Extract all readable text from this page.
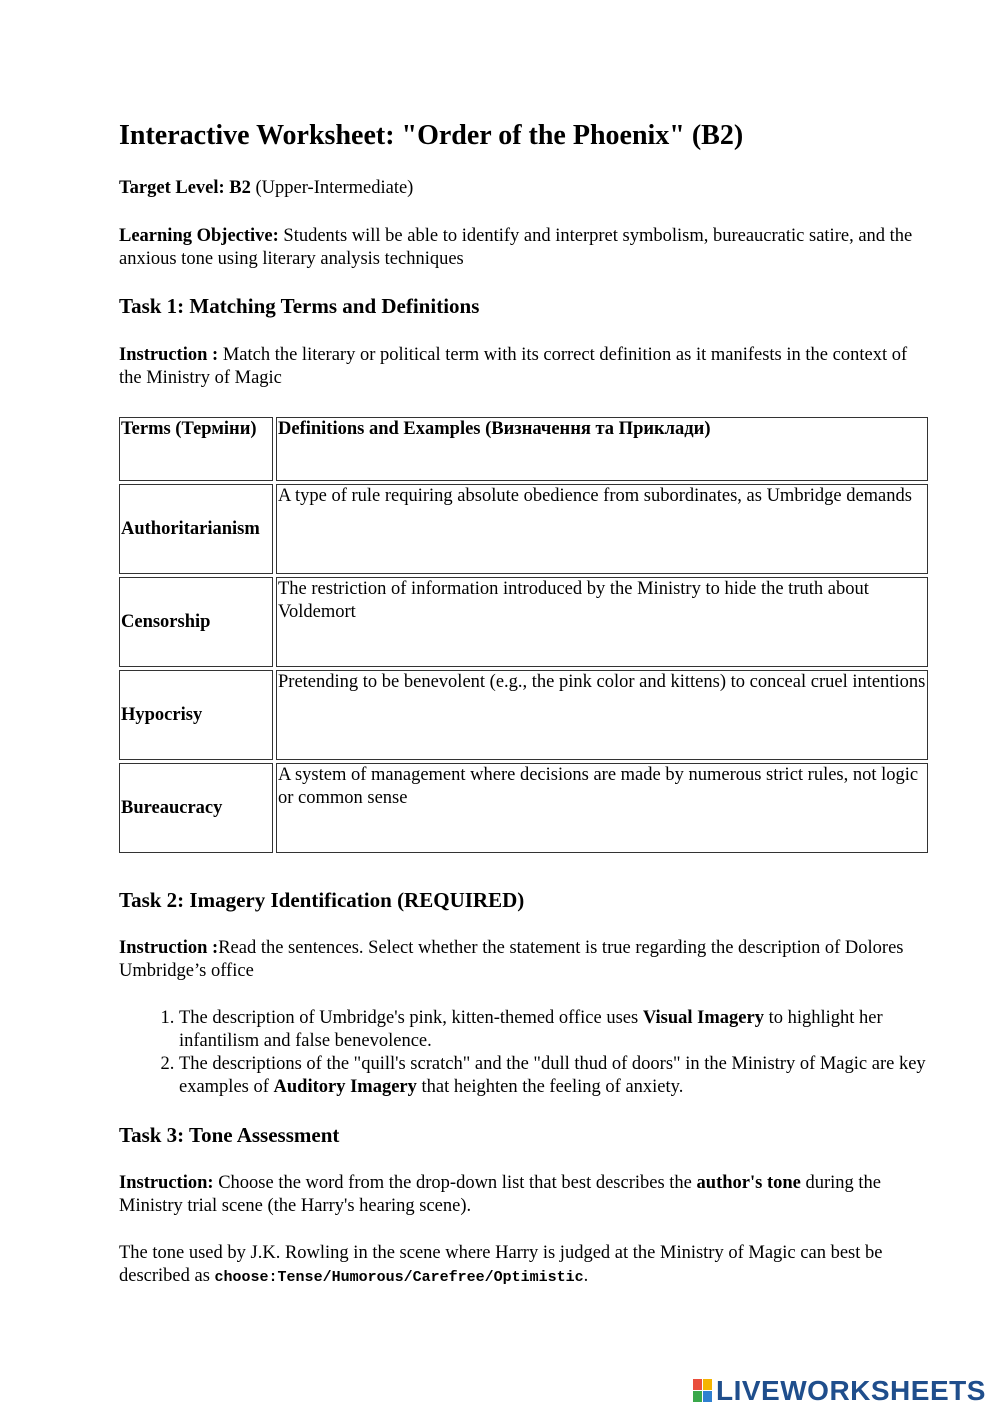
Interactive Worksheet: "Order of the Phoenix" (B2)

Target Level: B2 (Upper-Intermediate)

Learning Objective: Students will be able to identify and interpret symbolism, bureaucratic satire, and the anxious tone using literary analysis techniques

Task 1: Matching Terms and Definitions

Instruction : Match the literary or political term with its correct definition as it manifests in the context of the Ministry of Magic

Terms (Терміни)	Definitions and Examples (Визначення та Приклади)
Authoritarianism	A type of rule requiring absolute obedience from subordinates, as Umbridge demands
Censorship	The restriction of information introduced by the Ministry to hide the truth about Voldemort
Hypocrisy	Pretending to be benevolent (e.g., the pink color and kittens) to conceal cruel intentions
Bureaucracy	A system of management where decisions are made by numerous strict rules, not logic or common sense
Task 2: Imagery Identification (REQUIRED)

Instruction :Read the sentences. Select whether the statement is true regarding the description of Dolores Umbridge’s office

1. The description of Umbridge's pink, kitten-themed office uses Visual Imagery to highlight her infantilism and false benevolence.
2. The descriptions of the "quill's scratch" and the "dull thud of doors" in the Ministry of Magic are key examples of Auditory Imagery that heighten the feeling of anxiety.
Task 3: Tone Assessment

Instruction: Choose the word from the drop-down list that best describes the author's tone during the Ministry trial scene (the Harry's hearing scene).

The tone used by J.K. Rowling in the scene where Harry is judged at the Ministry of Magic can best be described as choose:Tense/Humorous/Carefree/Optimistic.

LIVEWORKSHEETS
